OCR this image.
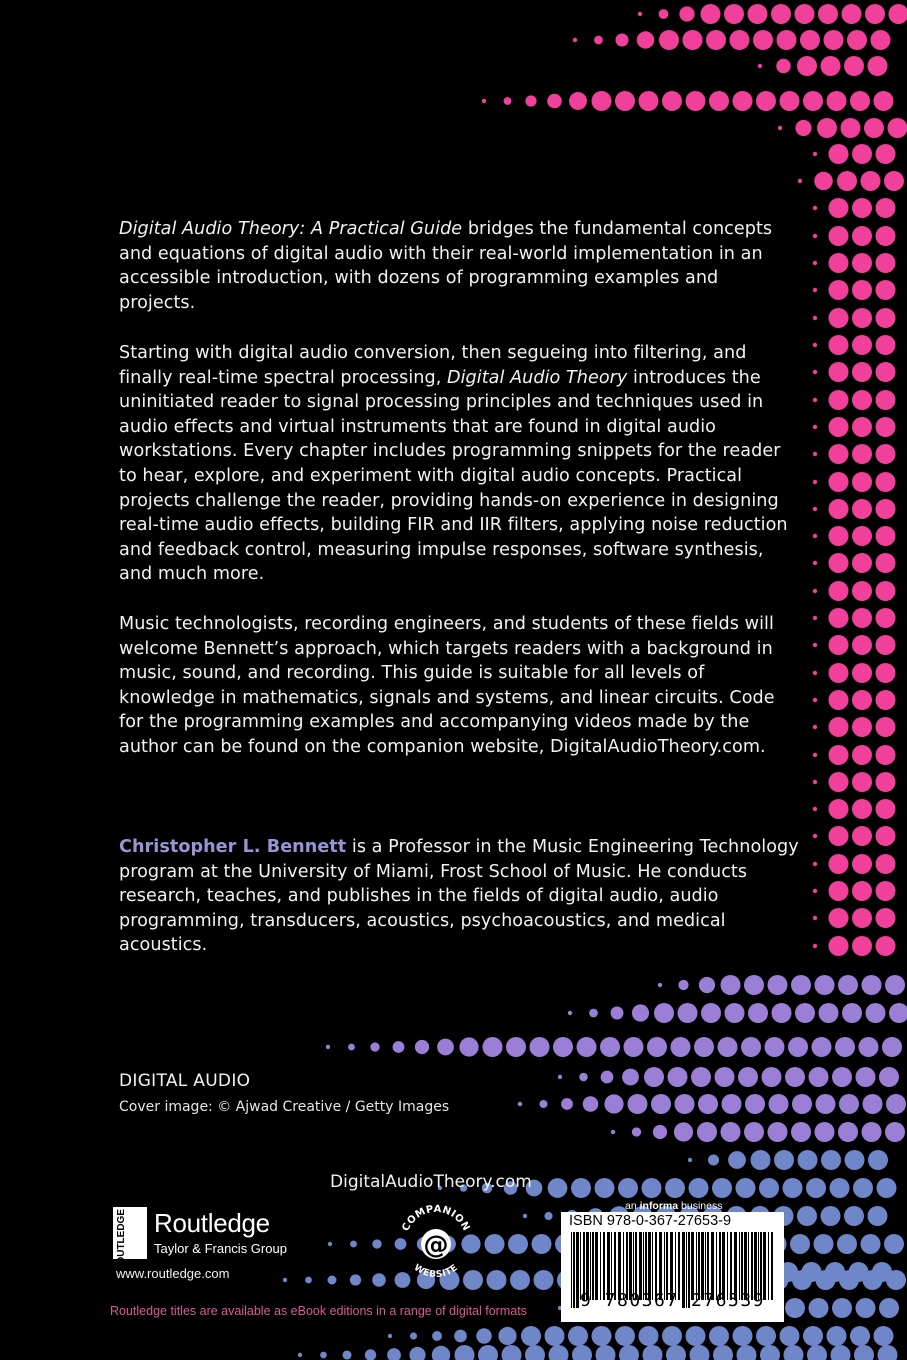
Digital Audio Theory: A Practical Guide bridges the fundamental concepts and equations of digital audio with their real-world implementation in an accessible introduction, with dozens of programming examples and projects.

Starting with digital audio conversion, then segueing into filtering, and finally real-time spectral processing, Digital Audio Theory introduces the uninitiated reader to signal processing principles and techniques used in audio effects and virtual instruments that are found in digital audio workstations. Every chapter includes programming snippets for the reader to hear, explore, and experiment with digital audio concepts. Practical projects challenge the reader, providing hands-on experience in designing real-time audio effects, building FIR and IIR filters, applying noise reduction and feedback control, measuring impulse responses, software synthesis, and much more.

Music technologists, recording engineers, and students of these fields will welcome Bennett’s approach, which targets readers with a background in music, sound, and recording. This guide is suitable for all levels of knowledge in mathematics, signals and systems, and linear circuits. Code for the programming examples and accompanying videos made by the author can be found on the companion website, DigitalAudioTheory.com.

Christopher L. Bennett is a Professor in the Music Engineering Technology program at the University of Miami, Frost School of Music. He conducts research, teaches, and publishes in the fields of digital audio, audio programming, transducers, acoustics, psychoacoustics, and medical acoustics.

DIGITAL AUDIO
Cover image: © Ajwad Creative / Getty Images
DigitalAudioTheory.com
ROUTLEDGE Routledge
Taylor & Francis Group
www.routledge.com
Routledge titles are available as eBook editions in a range of digital formats
COMPANION
@
WEBSITE
an informa business
ISBN 978-0-367-27653-9
9 780367 276539
